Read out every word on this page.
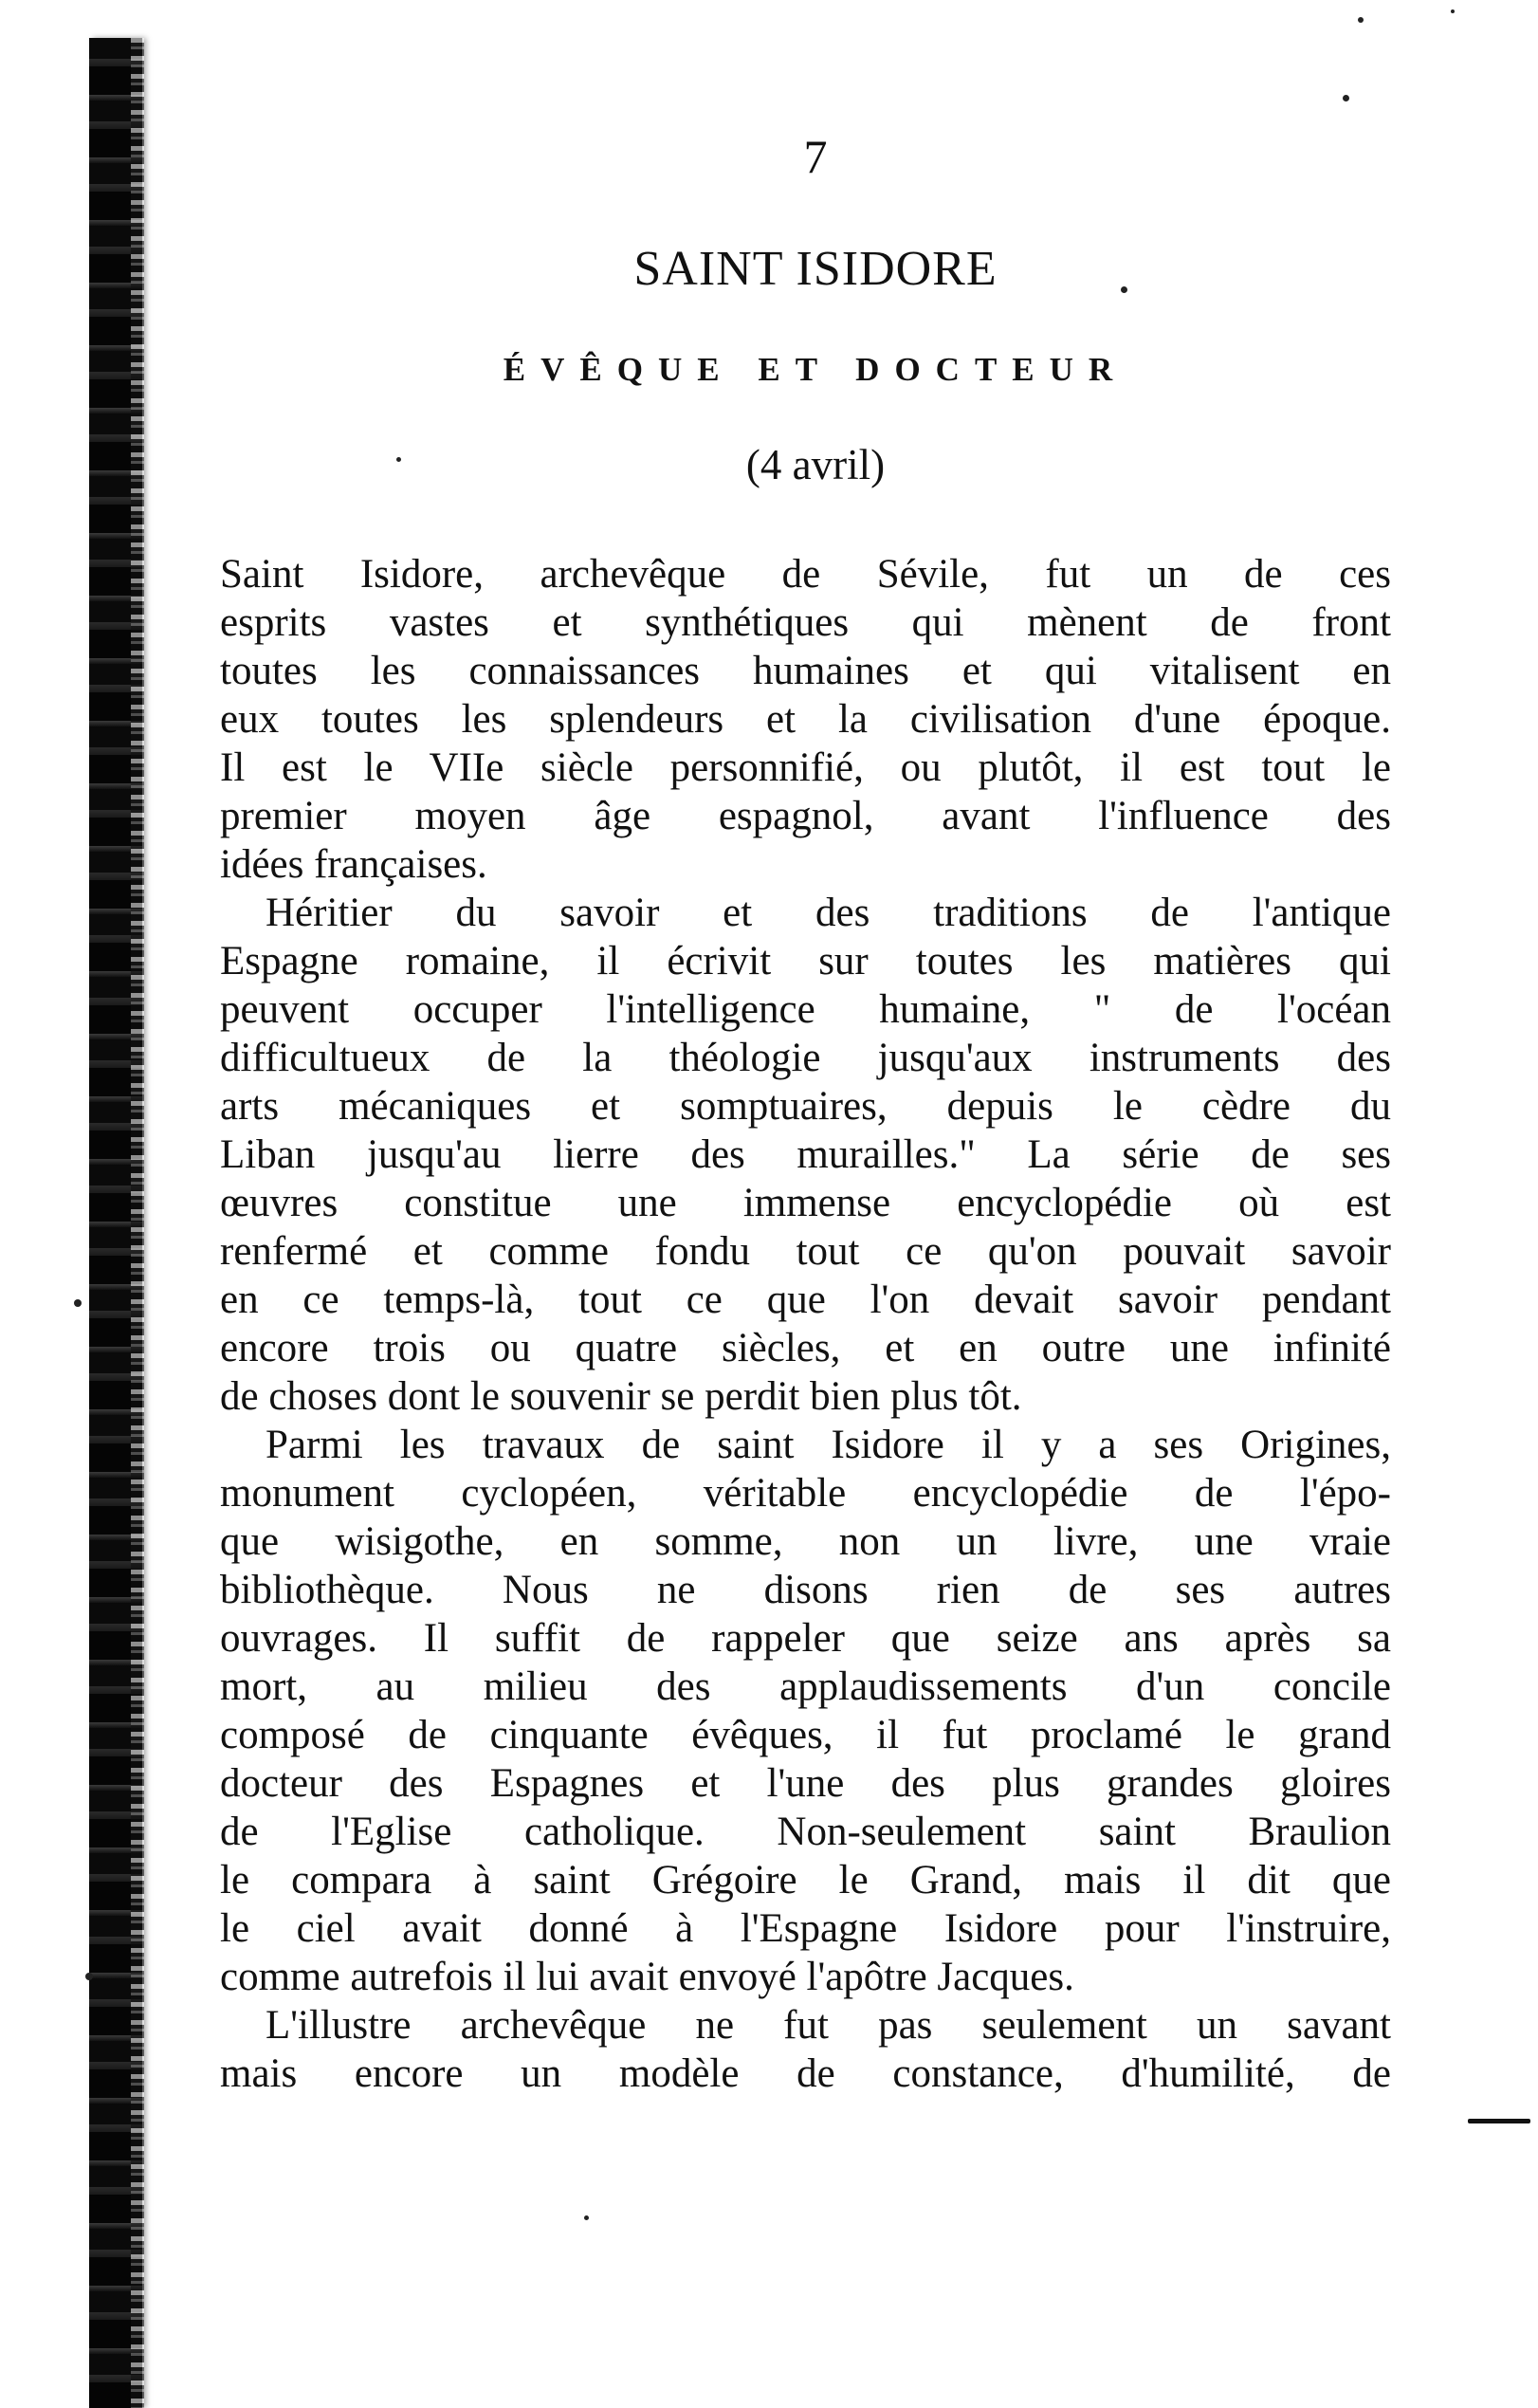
7
SAINT ISIDORE
ÉVÊQUE ET DOCTEUR
(4 avril)
Saint Isidore, archevêque de Sévile, fut un de ces
esprits vastes et synthétiques qui mènent de front
toutes les connaissances humaines et qui vitalisent en
eux toutes les splendeurs et la civilisation d'une époque.
Il est le VIIe siècle personnifié, ou plutôt, il est tout le
premier moyen âge espagnol, avant l'influence des
idées françaises.
Héritier du savoir et des traditions de l'antique
Espagne romaine, il écrivit sur toutes les matières qui
peuvent occuper l'intelligence humaine, " de l'océan
difficultueux de la théologie jusqu'aux instruments des
arts mécaniques et somptuaires, depuis le cèdre du
Liban jusqu'au lierre des murailles." La série de ses
œuvres constitue une immense encyclopédie où est
renfermé et comme fondu tout ce qu'on pouvait savoir
en ce temps-là, tout ce que l'on devait savoir pendant
encore trois ou quatre siècles, et en outre une infinité
de choses dont le souvenir se perdit bien plus tôt.
Parmi les travaux de saint Isidore il y a ses Origines,
monument cyclopéen, véritable encyclopédie de l'épo-
que wisigothe, en somme, non un livre, une vraie
bibliothèque. Nous ne disons rien de ses autres
ouvrages. Il suffit de rappeler que seize ans après sa
mort, au milieu des applaudissements d'un concile
composé de cinquante évêques, il fut proclamé le grand
docteur des Espagnes et l'une des plus grandes gloires
de l'Eglise catholique. Non-seulement saint Braulion
le compara à saint Grégoire le Grand, mais il dit que
le ciel avait donné à l'Espagne Isidore pour l'instruire,
comme autrefois il lui avait envoyé l'apôtre Jacques.
L'illustre archevêque ne fut pas seulement un savant
mais encore un modèle de constance, d'humilité, de
